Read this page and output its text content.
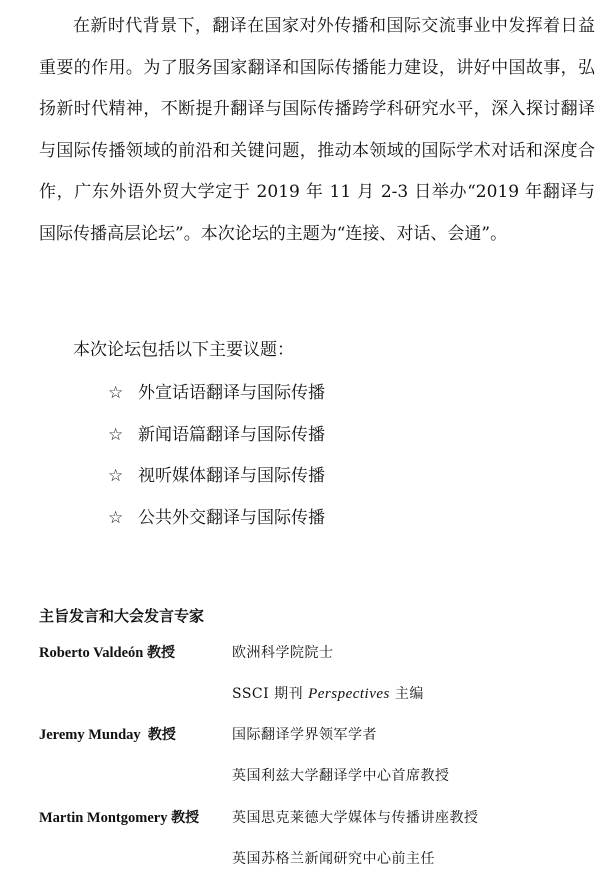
在新时代背景下，翻译在国家对外传播和国际交流事业中发挥着日益重要的作用。为了服务国家翻译和国际传播能力建设，讲好中国故事，弘扬新时代精神，不断提升翻译与国际传播跨学科研究水平，深入探讨翻译与国际传播领域的前沿和关键问题，推动本领域的国际学术对话和深度合作，广东外语外贸大学定于 2019 年 11 月 2-3 日举办“2019 年翻译与国际传播高层论坛”。本次论坛的主题为“连接、对话、会通”。

本次论坛包括以下主要议题：

☆ 外宣话语翻译与国际传播
☆ 新闻语篇翻译与国际传播
☆ 视听媒体翻译与国际传播
☆ 公共外交翻译与国际传播

主旨发言和大会发言专家

Roberto Valdeón 教授	欧洲科学院院士
SSCI 期刊 Perspectives 主编
Jeremy Munday 教授	国际翻译学界领军学者
英国利兹大学翻译学中心首席教授
Martin Montgomery 教授 英国思克莱德大学媒体与传播讲座教授
英国苏格兰新闻研究中心前主任
